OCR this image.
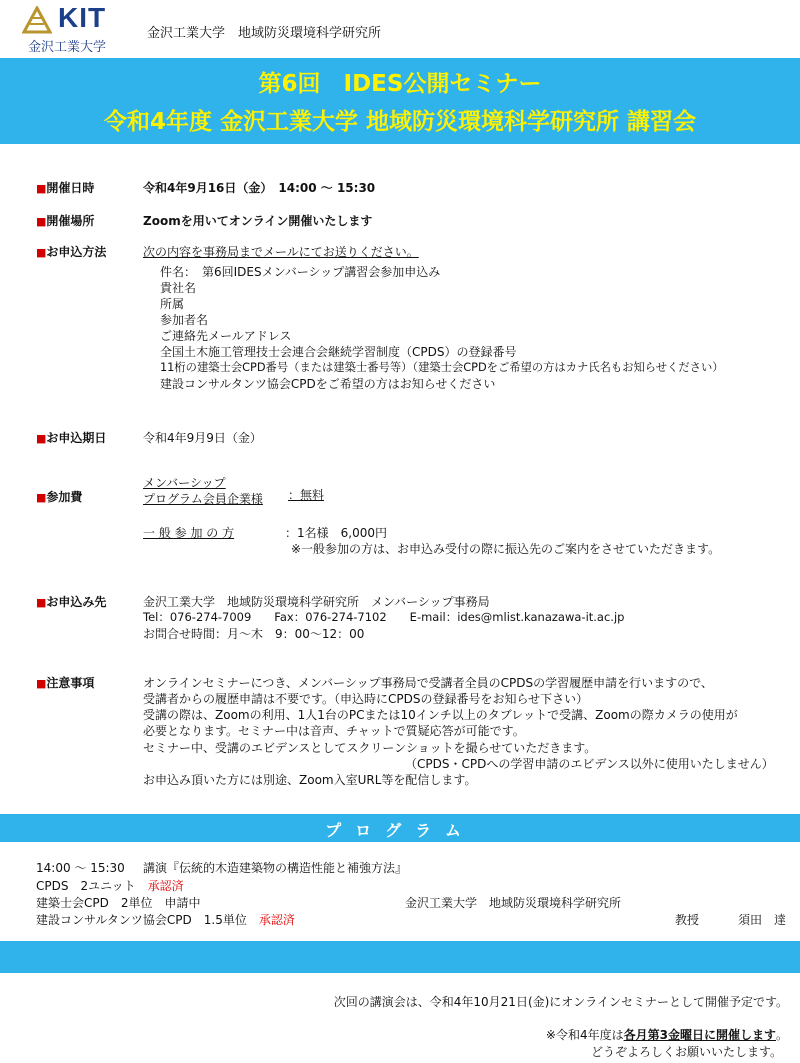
KIT
金沢工業大学
金沢工業大学　地域防災環境科学研究所
第6回　IDES公開セミナー
令和4年度 金沢工業大学 地域防災環境科学研究所 講習会
■開催日時	令和4年9月16日（金）　14:00 ～ 15:30
■開催場所	Zoomを用いてオンライン開催いたします
■お申込方法	次の内容を事務局までメールにてお送りください。
件名：　第6回IDESメンバーシップ講習会参加申込み
貴社名
所属
参加者名
ご連絡先メールアドレス
全国土木施工管理技士会連合会継続学習制度（CPDS）の登録番号
11桁の建築士会CPD番号（または建築士番号等）（建築士会CPDをご希望の方はカナ氏名もお知らせください）
建設コンサルタンツ協会CPDをご希望の方はお知らせください
■お申込期日	令和4年9月9日（金）
■参加費
メンバーシップ
プログラム会員企業様 ：無料
一 般 参 加 の 方	：1名様　6,000円
※一般参加の方は、お申込み受付の際に振込先のご案内をさせていただきます。
■お申込み先	金沢工業大学　地域防災環境科学研究所　メンバーシップ事務局
Tel：076-274-7009　　Fax：076-274-7102　　E-mail：ides@mlist.kanazawa-it.ac.jp
お問合せ時間：月～木　9：00～12：00
■注意事項	オンラインセミナーにつき、メンバーシップ事務局で受講者全員のCPDSの学習履歴申請を行いますので、
受講者からの履歴申請は不要です。（申込時にCPDSの登録番号をお知らせ下さい）
受講の際は、Zoomの利用、1人1台のPCまたは10インチ以上のタブレットで受講、Zoomの際カメラの使用が
必要となります。セミナー中は音声、チャットで質疑応答が可能です。
セミナー中、受講のエビデンスとしてスクリーンショットを撮らせていただきます。
（CPDS・CPDへの学習申請のエビデンス以外に使用いたしません）
お申込み頂いた方には別途、Zoom入室URL等を配信します。
プログラム
14:00 ～ 15:30 講演『伝統的木造建築物の構造性能と補強方法』
CPDS　2ユニット　 承認済
建築士会CPD　2単位　申請中	金沢工業大学　地域防災環境科学研究所
建設コンサルタンツ協会CPD　1.5単位　 承認済	教授	須田　達
次回の講演会は、令和4年10月21日(金)にオンラインセミナーとして開催予定です。
※令和4年度は各月第3金曜日に開催します。
どうぞよろしくお願いいたします。
